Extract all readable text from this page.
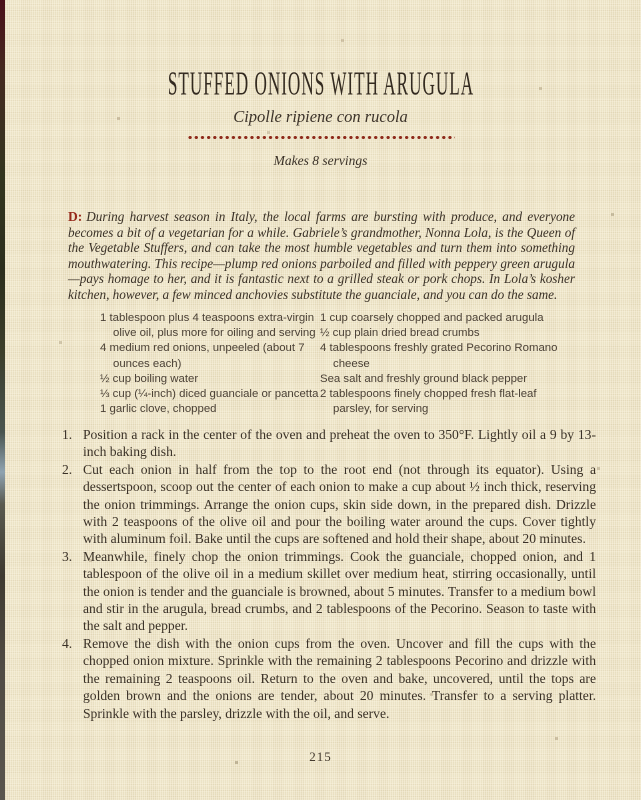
STUFFED ONIONS WITH ARUGULA
Cipolle ripiene con rucola
Makes 8 servings

D: During harvest season in Italy, the local farms are bursting with produce, and everyone becomes a bit of a vegetarian for a while. Gabriele’s grandmother, Nonna Lola, is the Queen of the Vegetable Stuffers, and can take the most humble vegetables and turn them into something mouthwatering. This recipe—plump red onions parboiled and filled with peppery green arugula—pays homage to her, and it is fantastic next to a grilled steak or pork chops. In Lola’s kosher kitchen, however, a few minced anchovies substitute the guanciale, and you can do the same.

1 tablespoon plus 4 teaspoons extra-virgin olive oil, plus more for oiling and serving
4 medium red onions, unpeeled (about 7 ounces each)
½ cup boiling water
⅓ cup (¼-inch) diced guanciale or pancetta
1 garlic clove, chopped
1 cup coarsely chopped and packed arugula
½ cup plain dried bread crumbs
4 tablespoons freshly grated Pecorino Romano cheese
Sea salt and freshly ground black pepper
2 tablespoons finely chopped fresh flat-leaf parsley, for serving
1. Position a rack in the center of the oven and preheat the oven to 350°F. Lightly oil a 9 by 13-inch baking dish.
2. Cut each onion in half from the top to the root end (not through its equator). Using a dessertspoon, scoop out the center of each onion to make a cup about ½ inch thick, reserving the onion trimmings. Arrange the onion cups, skin side down, in the prepared dish. Drizzle with 2 teaspoons of the olive oil and pour the boiling water around the cups. Cover tightly with aluminum foil. Bake until the cups are softened and hold their shape, about 20 minutes.
3. Meanwhile, finely chop the onion trimmings. Cook the guanciale, chopped onion, and 1 tablespoon of the olive oil in a medium skillet over medium heat, stirring occasionally, until the onion is tender and the guanciale is browned, about 5 minutes. Transfer to a medium bowl and stir in the arugula, bread crumbs, and 2 tablespoons of the Pecorino. Season to taste with the salt and pepper.
4. Remove the dish with the onion cups from the oven. Uncover and fill the cups with the chopped onion mixture. Sprinkle with the remaining 2 tablespoons Pecorino and drizzle with the remaining 2 teaspoons oil. Return to the oven and bake, uncovered, until the tops are golden brown and the onions are tender, about 20 minutes. Transfer to a serving platter. Sprinkle with the parsley, drizzle with the oil, and serve.
215
